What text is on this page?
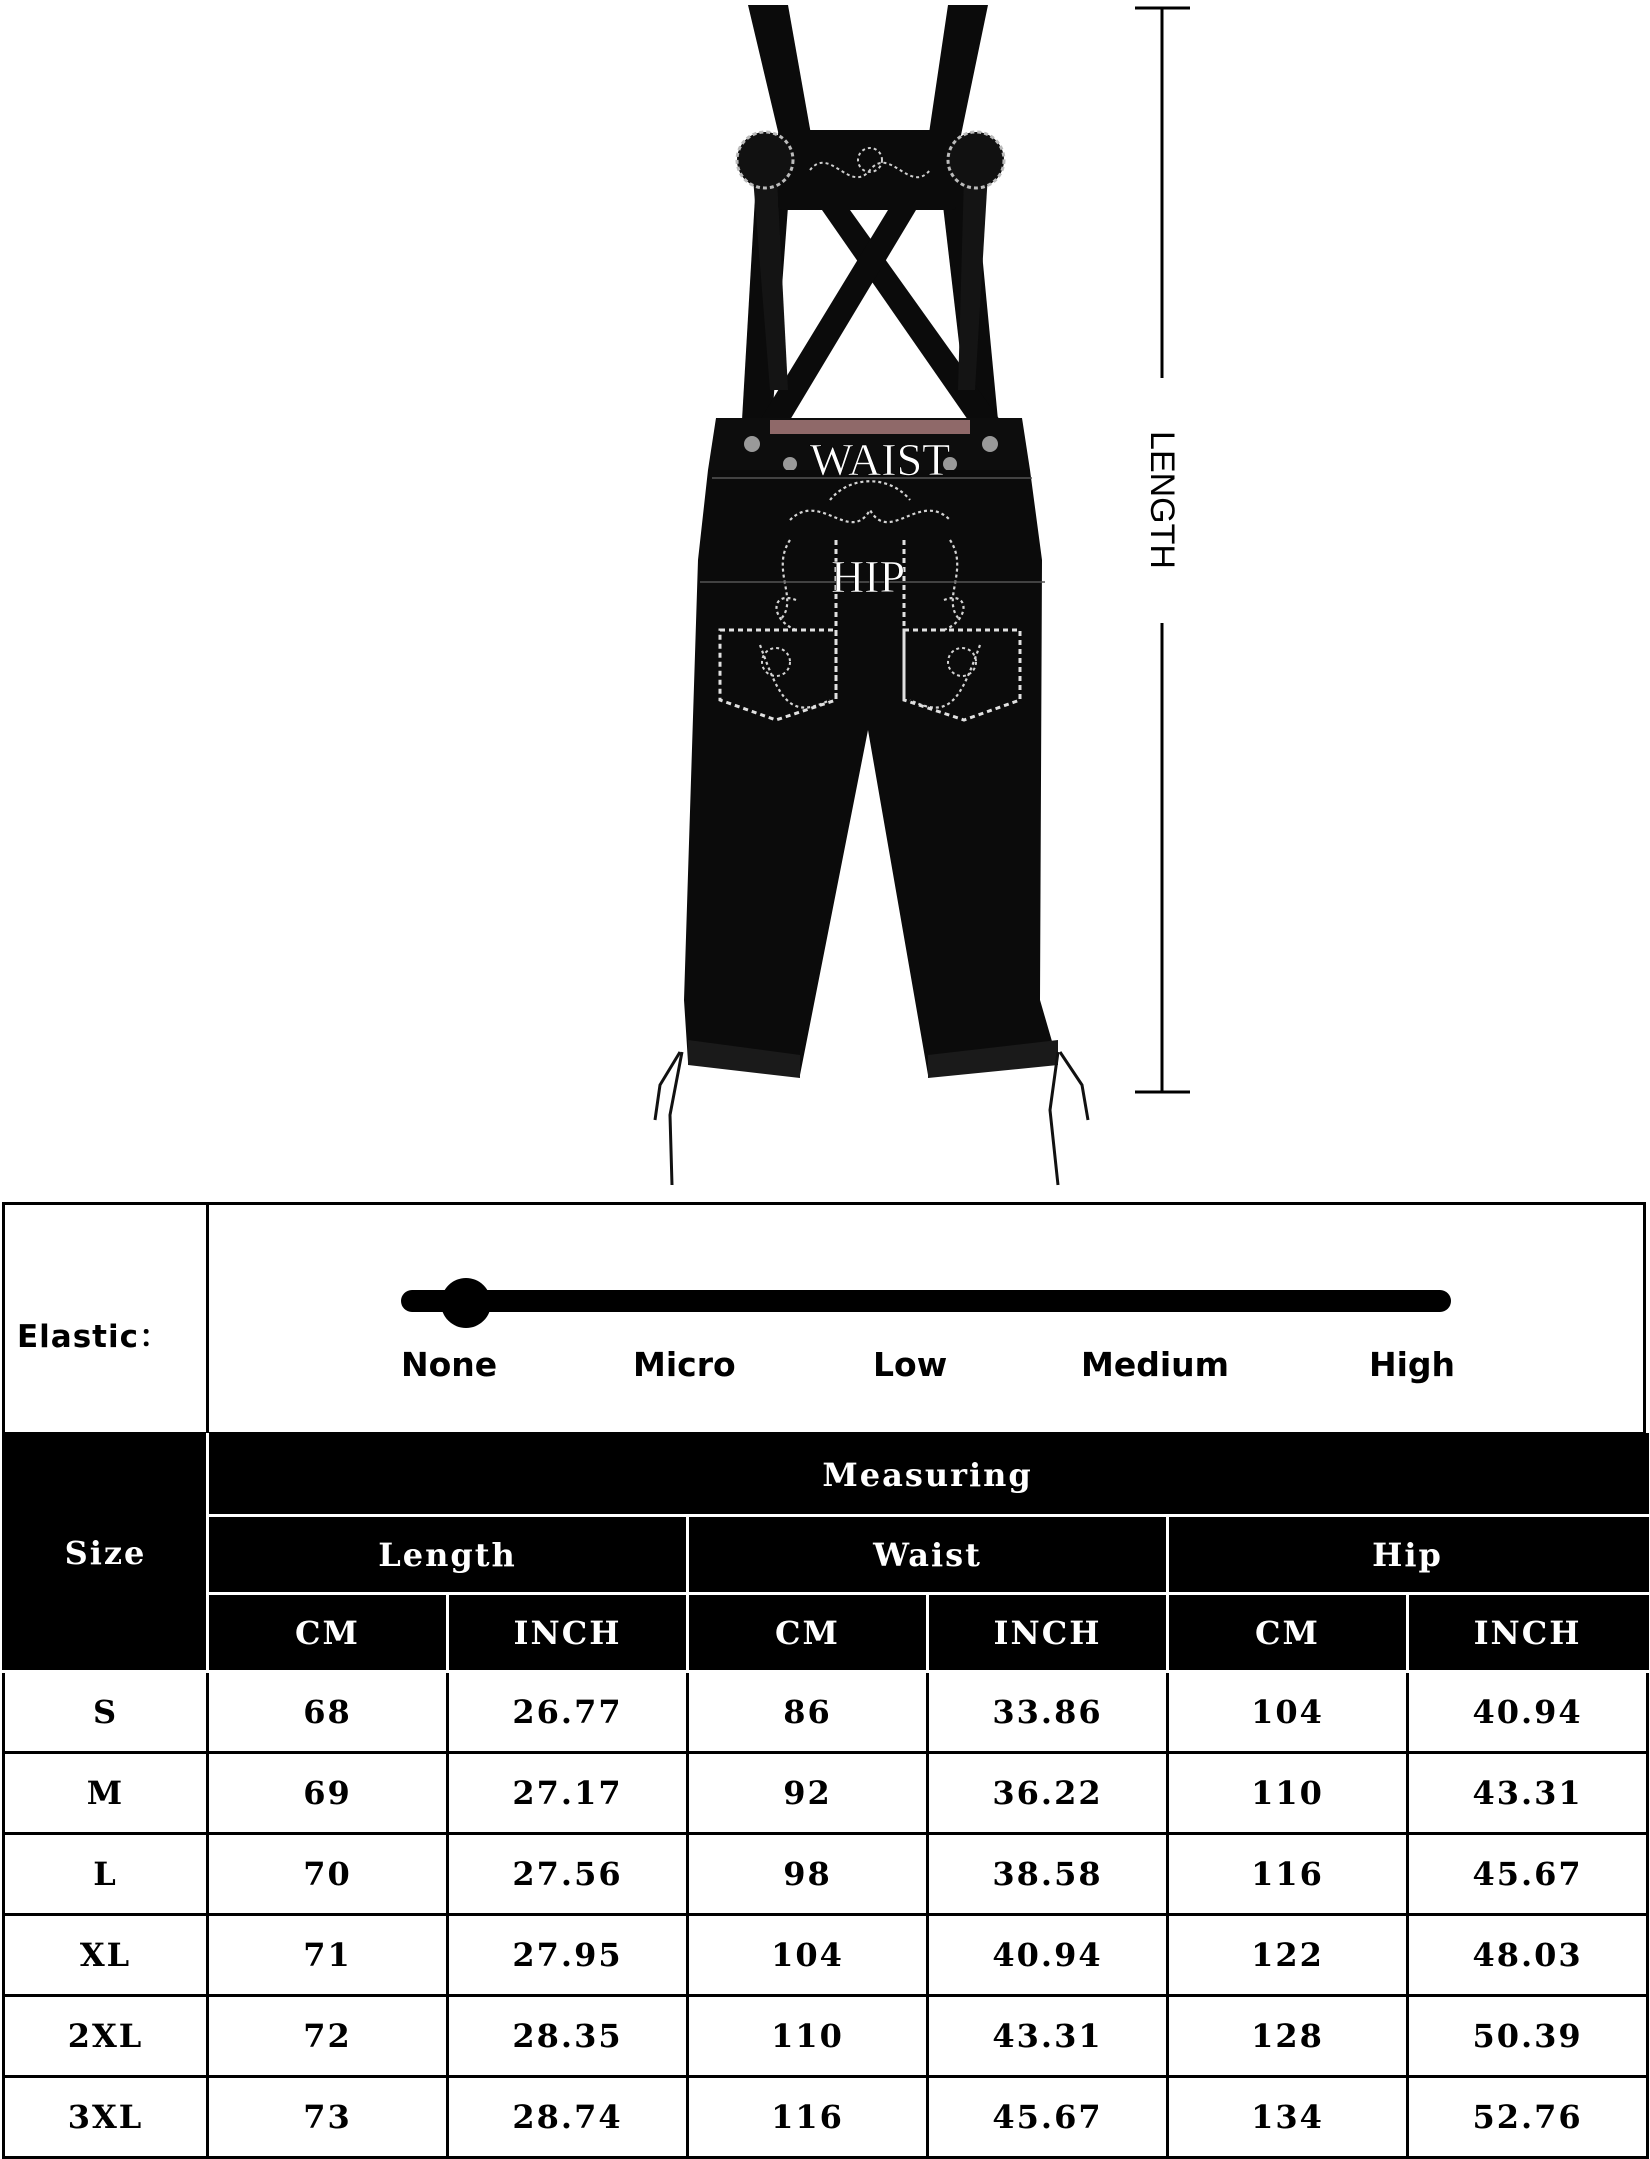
WAIST
HIP
LENGTH
Elastic：
None	Micro	Low	Medium	High
Size	Measuring					
	Length		Waist		Hip	
	CM	INCH	CM	INCH	CM	INCH
S	68	26.77	86	33.86	104	40.94
M	69	27.17	92	36.22	110	43.31
L	70	27.56	98	38.58	116	45.67
XL	71	27.95	104	40.94	122	48.03
2XL	72	28.35	110	43.31	128	50.39
3XL	73	28.74	116	45.67	134	52.76
